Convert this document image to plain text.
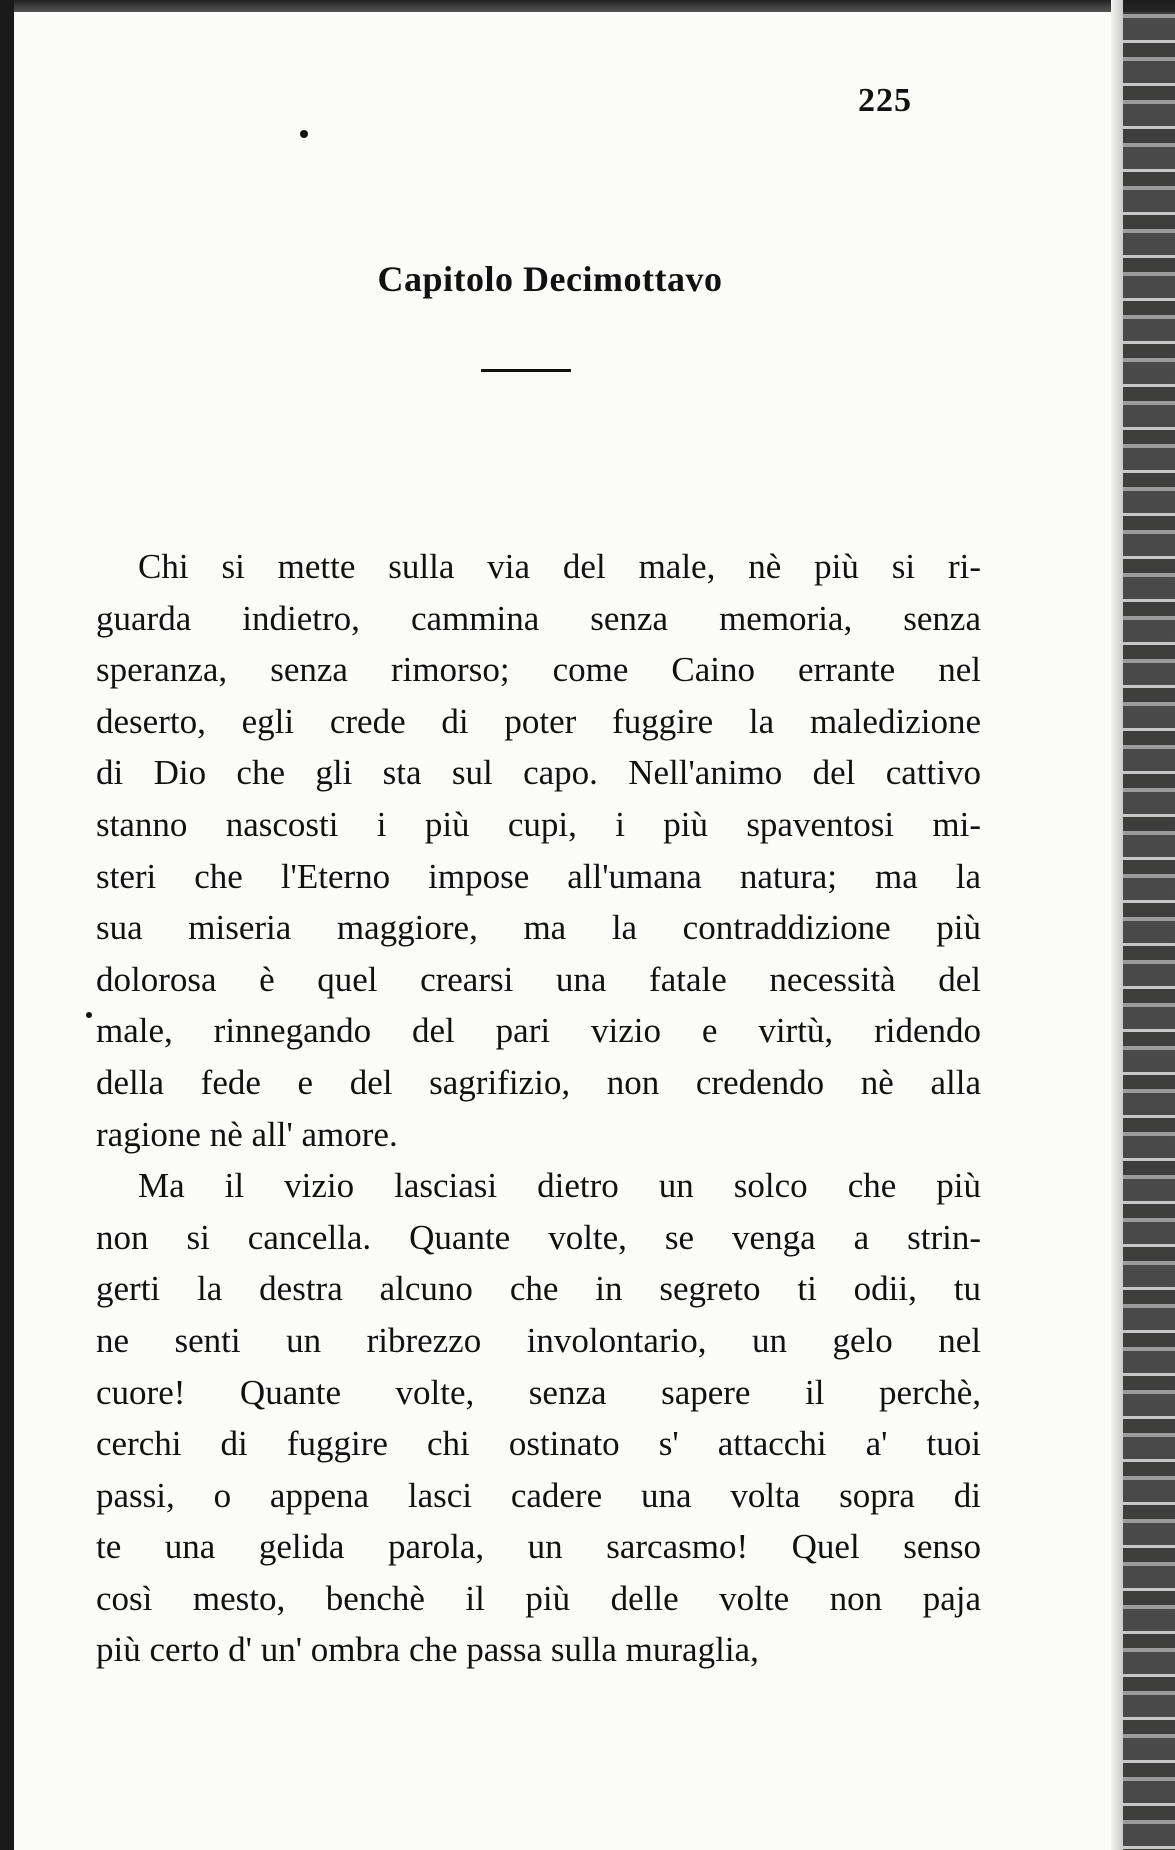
225
Capitolo Decimottavo

Chi si mette sulla via del male, nè più si ri-
guarda indietro, cammina senza memoria, senza
speranza, senza rimorso; come Caino errante nel
deserto, egli crede di poter fuggire la maledizione
di Dio che gli sta sul capo. Nell'animo del cattivo
stanno nascosti i più cupi, i più spaventosi mi-
steri che l'Eterno impose all'umana natura; ma la
sua miseria maggiore, ma la contraddizione più
dolorosa è quel crearsi una fatale necessità del
male, rinnegando del pari vizio e virtù, ridendo
della fede e del sagrifizio, non credendo nè alla
ragione nè all' amore.

Ma il vizio lasciasi dietro un solco che più
non si cancella. Quante volte, se venga a strin-
gerti la destra alcuno che in segreto ti odii, tu
ne senti un ribrezzo involontario, un gelo nel
cuore! Quante volte, senza sapere il perchè,
cerchi di fuggire chi ostinato s' attacchi a' tuoi
passi, o appena lasci cadere una volta sopra di
te una gelida parola, un sarcasmo! Quel senso
così mesto, benchè il più delle volte non paja
più certo d' un' ombra che passa sulla muraglia,
